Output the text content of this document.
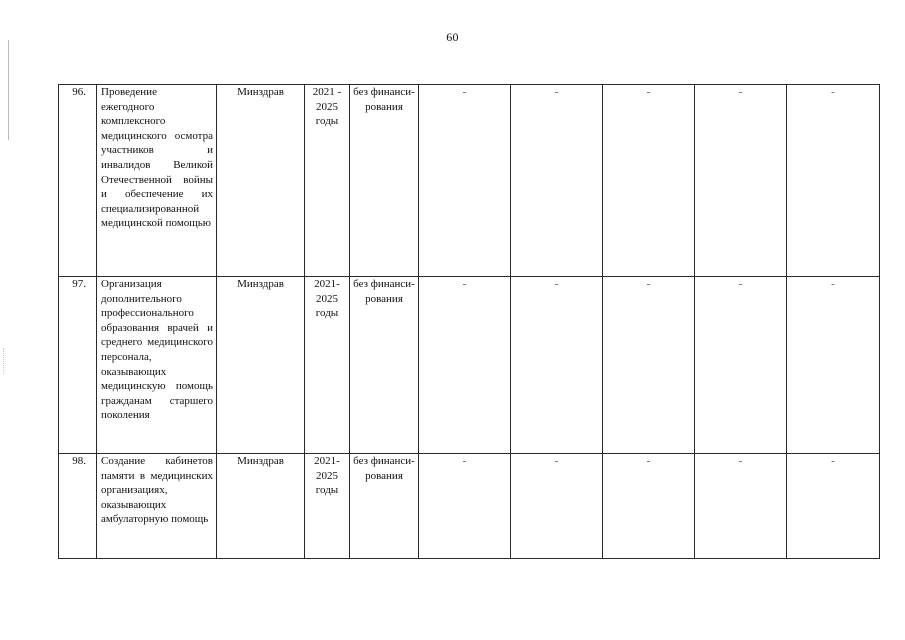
60
96.	Проведение ежегодного комплексного медицинского осмотра участников и инвалидов Великой Отечественной войны и обеспечение их специализированной медицинской помощью	Минздрав	2021 - 2025 годы	без финанси- рования	-	-	-	-	-
97.	Организация дополнительного профессионального образования врачей и среднего медицинского персонала, оказывающих медицинскую помощь гражданам старшего поколения	Минздрав	2021- 2025 годы	без финанси- рования	-	-	-	-	-
98.	Создание кабинетов памяти в медицинских организациях, оказывающих амбулаторную помощь	Минздрав	2021- 2025 годы	без финанси- рования	-	-	-	-	-
